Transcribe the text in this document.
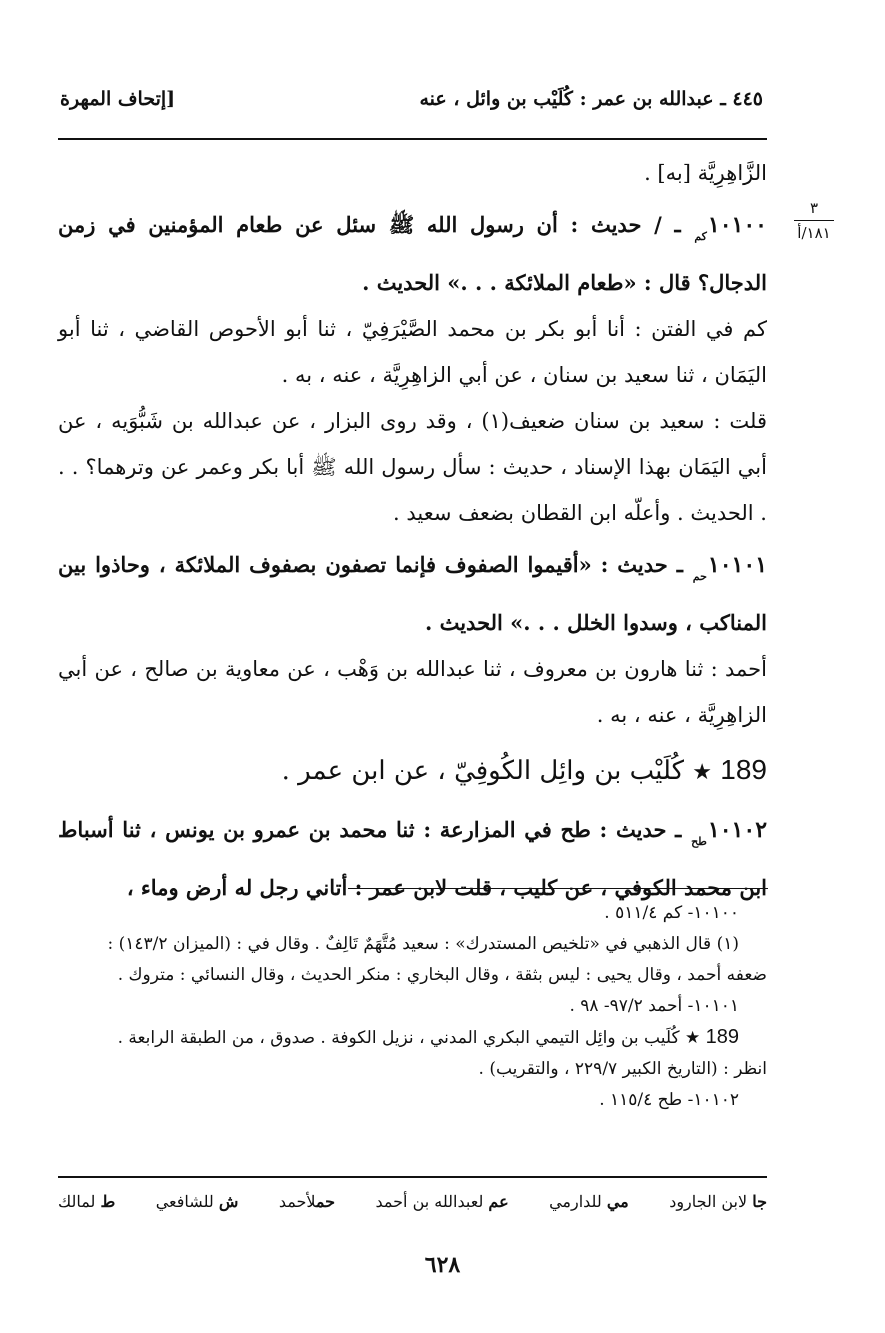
٤٤٥ ـ عبدالله بن عمر : كُلَيْب بن وائل ، عنه
[إتحاف المهرة
٣
١٨١/أ

الزَّاهِرِيَّة [به] .

$١٠١٠٠_{كم}$ ـ / حديث : أن رسول الله ﷺ سئل عن طعام المؤمنين في زمن الدجال؟ قال : «طعام الملائكة . . .» الحديث .

كم في الفتن : أنا أبو بكر بن محمد الصَّيْرَفِيّ ، ثنا أبو الأحوص القاضي ، ثنا أبو اليَمَان ، ثنا سعيد بن سنان ، عن أبي الزاهِرِيَّة ، عنه ، به .

قلت : سعيد بن سنان ضعيف(١) ، وقد روى البزار ، عن عبدالله بن شَبُّوَيه ، عن أبي اليَمَان بهذا الإسناد ، حديث : سأل رسول الله ﷺ أبا بكر وعمر عن وترهما؟ . . . الحديث . وأعلّه ابن القطان بضعف سعيد .

$١٠١٠١_{حم}$ ـ حديث : «أقيموا الصفوف فإنما تصفون بصفوف الملائكة ، وحاذوا بين المناكب ، وسدوا الخلل . . .» الحديث .

أحمد : ثنا هارون بن معروف ، ثنا عبدالله بن وَهْب ، عن معاوية بن صالح ، عن أبي الزاهِرِيَّة ، عنه ، به .

189 ★ كُلَيْب بن وائِل الكُوفِيّ ، عن ابن عمر .

$١٠١٠٢_{طح}$ ـ حديث : طح في المزارعة : ثنا محمد بن عمرو بن يونس ، ثنا أسباط ابن محمد الكوفي ، عن كليب ، قلت لابن عمر : أتاني رجل له أرض وماء ،

١٠١٠٠- كم ٥١١/٤ .

(١) قال الذهبي في «تلخيص المستدرك» : سعيد مُتَّهَمٌ تَالِفٌ . وقال في : (الميزان ١٤٣/٢) :

ضعفه أحمد ، وقال يحيى : ليس بثقة ، وقال البخاري : منكر الحديث ، وقال النسائي : متروك .

١٠١٠١- أحمد ٩٧/٢- ٩٨ .

189 ★ كُلَيب بن وائِل التيمي البكري المدني ، نزيل الكوفة . صدوق ، من الطبقة الرابعة .

انظر : (التاريخ الكبير ٢٢٩/٧ ، والتقريب) .

١٠١٠٢- طح ١١٥/٤ .

ط لمالك	ش للشافعي	حملأحمد	عم لعبدالله بن أحمد	مي للدارمي	جا لابن الجارود
٦٢٨
